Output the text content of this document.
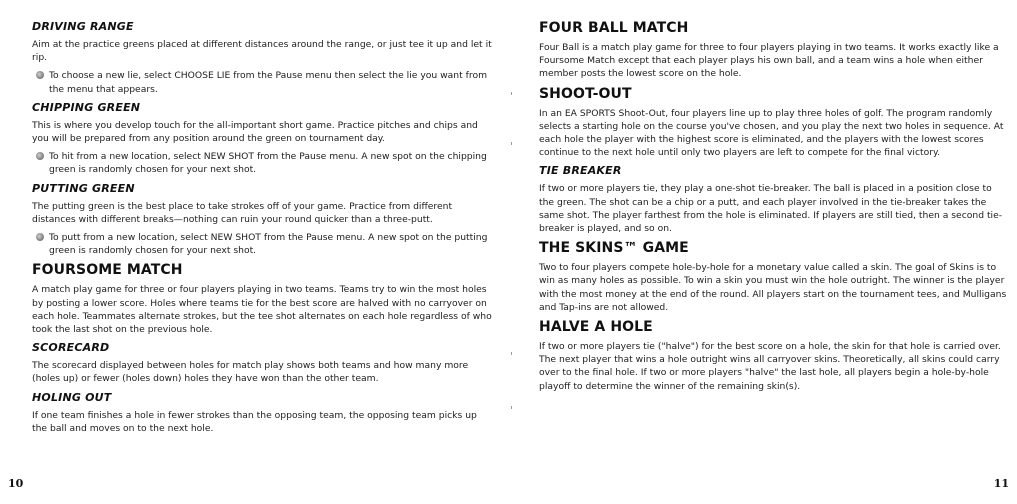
DRIVING RANGE

Aim at the practice greens placed at different distances around the range, or just tee it up and let it rip.

To choose a new lie, select CHOOSE LIE from the Pause menu then select the lie you want from the menu that appears.
CHIPPING GREEN

This is where you develop touch for the all-important short game. Practice pitches and chips and you will be prepared from any position around the green on tournament day.

To hit from a new location, select NEW SHOT from the Pause menu. A new spot on the chipping green is randomly chosen for your next shot.
PUTTING GREEN

The putting green is the best place to take strokes off of your game. Practice from different distances with different breaks—nothing can ruin your round quicker than a three-putt.

To putt from a new location, select NEW SHOT from the Pause menu. A new spot on the putting green is randomly chosen for your next shot.
FOURSOME MATCH

A match play game for three or four players playing in two teams. Teams try to win the most holes by posting a lower score. Holes where teams tie for the best score are halved with no carryover on each hole. Teammates alternate strokes, but the tee shot alternates on each hole regardless of who took the last shot on the previous hole.

SCORECARD

The scorecard displayed between holes for match play shows both teams and how many more (holes up) or fewer (holes down) holes they have won than the other team.

HOLING OUT

If one team finishes a hole in fewer strokes than the opposing team, the opposing team picks up the ball and moves on to the next hole.

10
FOUR BALL MATCH

Four Ball is a match play game for three to four players playing in two teams. It works exactly like a Foursome Match except that each player plays his own ball, and a team wins a hole when either member posts the lowest score on the hole.

SHOOT-OUT

In an EA SPORTS Shoot-Out, four players line up to play three holes of golf. The program randomly selects a starting hole on the course you've chosen, and you play the next two holes in sequence. At each hole the player with the highest score is eliminated, and the players with the lowest scores continue to the next hole until only two players are left to compete for the final victory.

TIE BREAKER

If two or more players tie, they play a one-shot tie-breaker. The ball is placed in a position close to the green. The shot can be a chip or a putt, and each player involved in the tie-breaker takes the same shot. The player farthest from the hole is eliminated. If players are still tied, then a second tie-breaker is played, and so on.

THE SKINS™ GAME

Two to four players compete hole-by-hole for a monetary value called a skin. The goal of Skins is to win as many holes as possible. To win a skin you must win the hole outright. The winner is the player with the most money at the end of the round. All players start on the tournament tees, and Mulligans and Tap-ins are not allowed.

HALVE A HOLE

If two or more players tie ("halve") for the best score on a hole, the skin for that hole is carried over. The next player that wins a hole outright wins all carryover skins. Theoretically, all skins could carry over to the final hole. If two or more players "halve" the last hole, all players begin a hole-by-hole playoff to determine the winner of the remaining skin(s).

11
